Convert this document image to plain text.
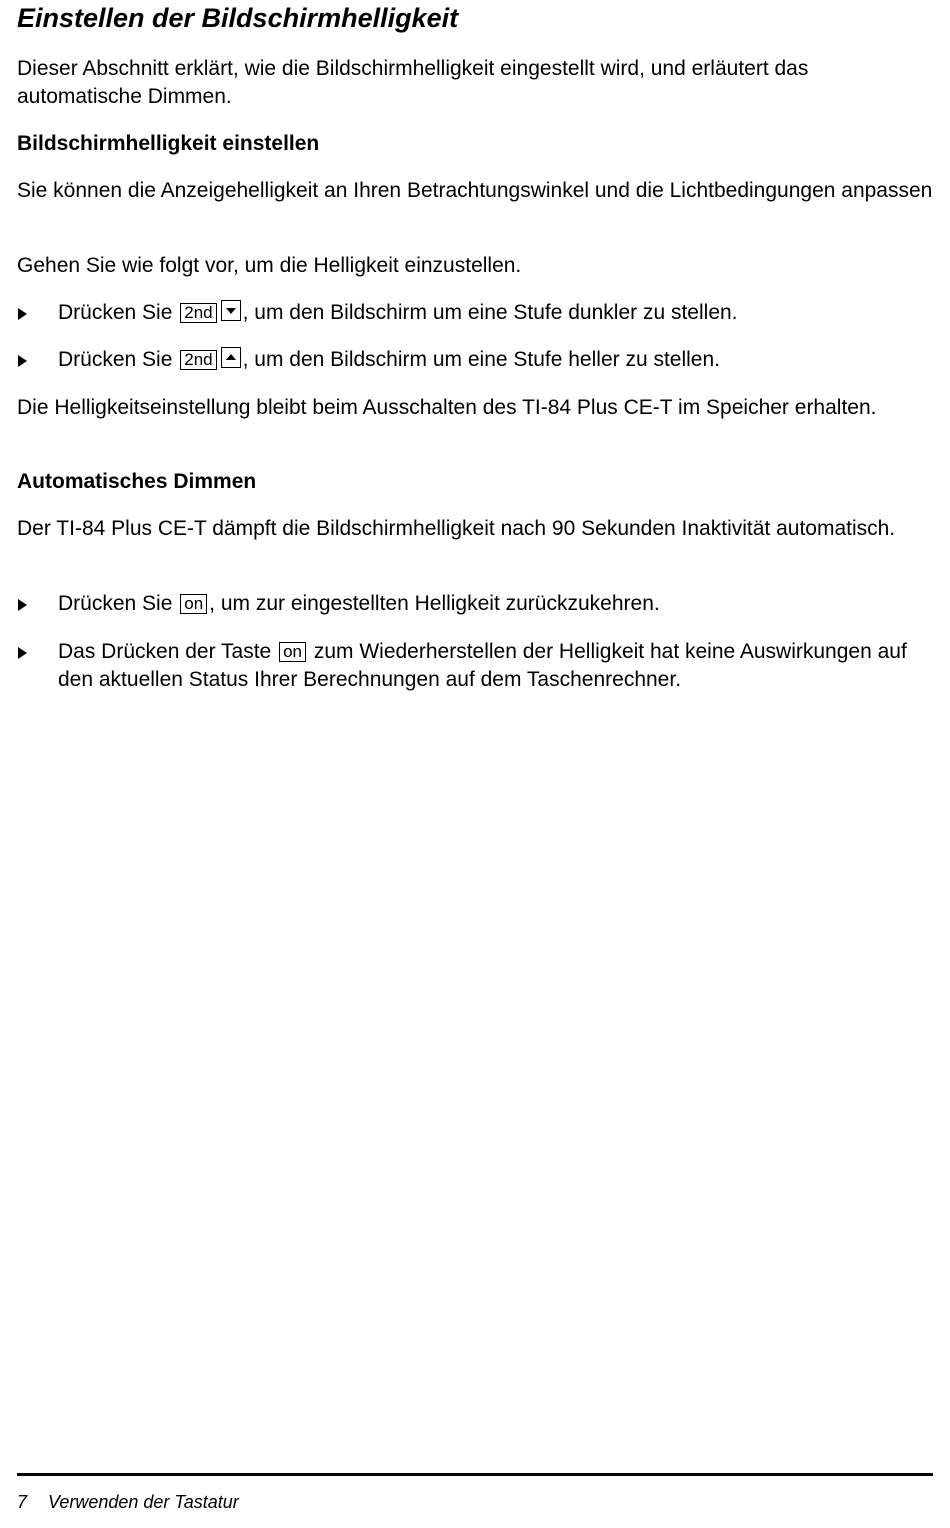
Einstellen der Bildschirmhelligkeit

Dieser Abschnitt erklärt, wie die Bildschirmhelligkeit eingestellt wird, und erläutert das automatische Dimmen.

Bildschirmhelligkeit einstellen

Sie können die Anzeigehelligkeit an Ihren Betrachtungswinkel und die Lichtbedingungen anpassen

Gehen Sie wie folgt vor, um die Helligkeit einzustellen.

Drücken Sie 2nd , um den Bildschirm um eine Stufe dunkler zu stellen.
Drücken Sie 2nd , um den Bildschirm um eine Stufe heller zu stellen.

Die Helligkeitseinstellung bleibt beim Ausschalten des TI-84 Plus CE-T im Speicher erhalten.

Automatisches Dimmen

Der TI-84 Plus CE-T dämpft die Bildschirmhelligkeit nach 90 Sekunden Inaktivität automatisch.

Drücken Sie on , um zur eingestellten Helligkeit zurückzukehren.
Das Drücken der Taste on zum Wiederherstellen der Helligkeit hat keine Auswirkungen auf den aktuellen Status Ihrer Berechnungen auf dem Taschenrechner.
7 Verwenden der Tastatur
